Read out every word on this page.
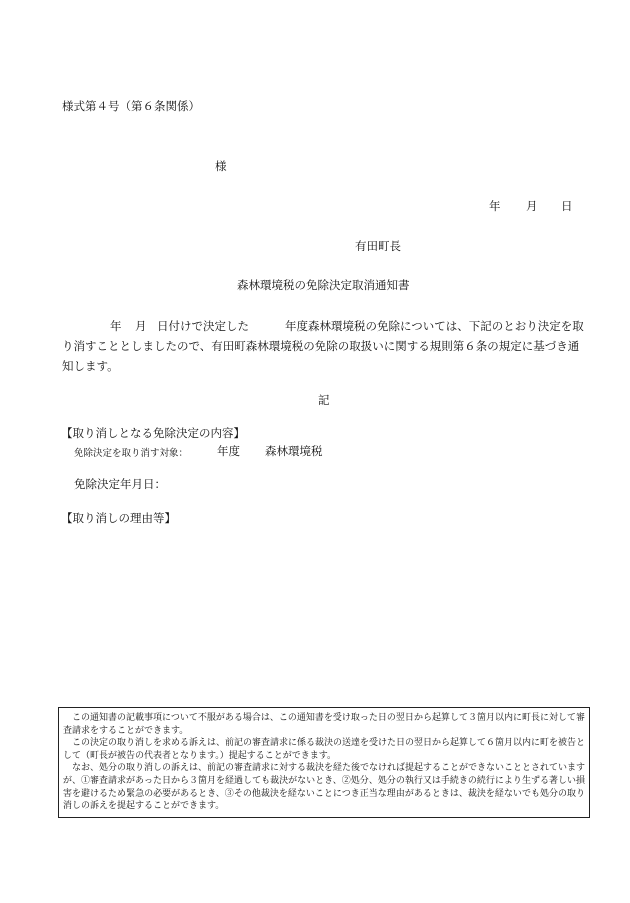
様式第４号（第６条関係）
様
年 月 日
有田町長
森林環境税の免除決定取消通知書
年 月 日付けで決定した	年度森林環境税の免除については、下記のとおり決定を取
り消すこととしましたので、有田町森林環境税の免除の取扱いに関する規則第６条の規定に基づき通
知します。
記
【取り消しとなる免除決定の内容】
免除決定を取り消す対象：	年度 森林環境税
免除決定年月日：
【取り消しの理由等】

この通知書の記載事項について不服がある場合は、この通知書を受け取った日の翌日から起算して３箇月以内に町長に対して審査請求をすることができます。

この決定の取り消しを求める訴えは、前記の審査請求に係る裁決の送達を受けた日の翌日から起算して６箇月以内に町を被告として（町長が被告の代表者となります。）提起することができます。

なお、処分の取り消しの訴えは、前記の審査請求に対する裁決を経た後でなければ提起することができないこととされていますが、①審査請求があった日から３箇月を経過しても裁決がないとき、②処分、処分の執行又は手続きの続行により生ずる著しい損害を避けるため緊急の必要があるとき、③その他裁決を経ないことにつき正当な理由があるときは、裁決を経ないでも処分の取り消しの訴えを提起することができます。
